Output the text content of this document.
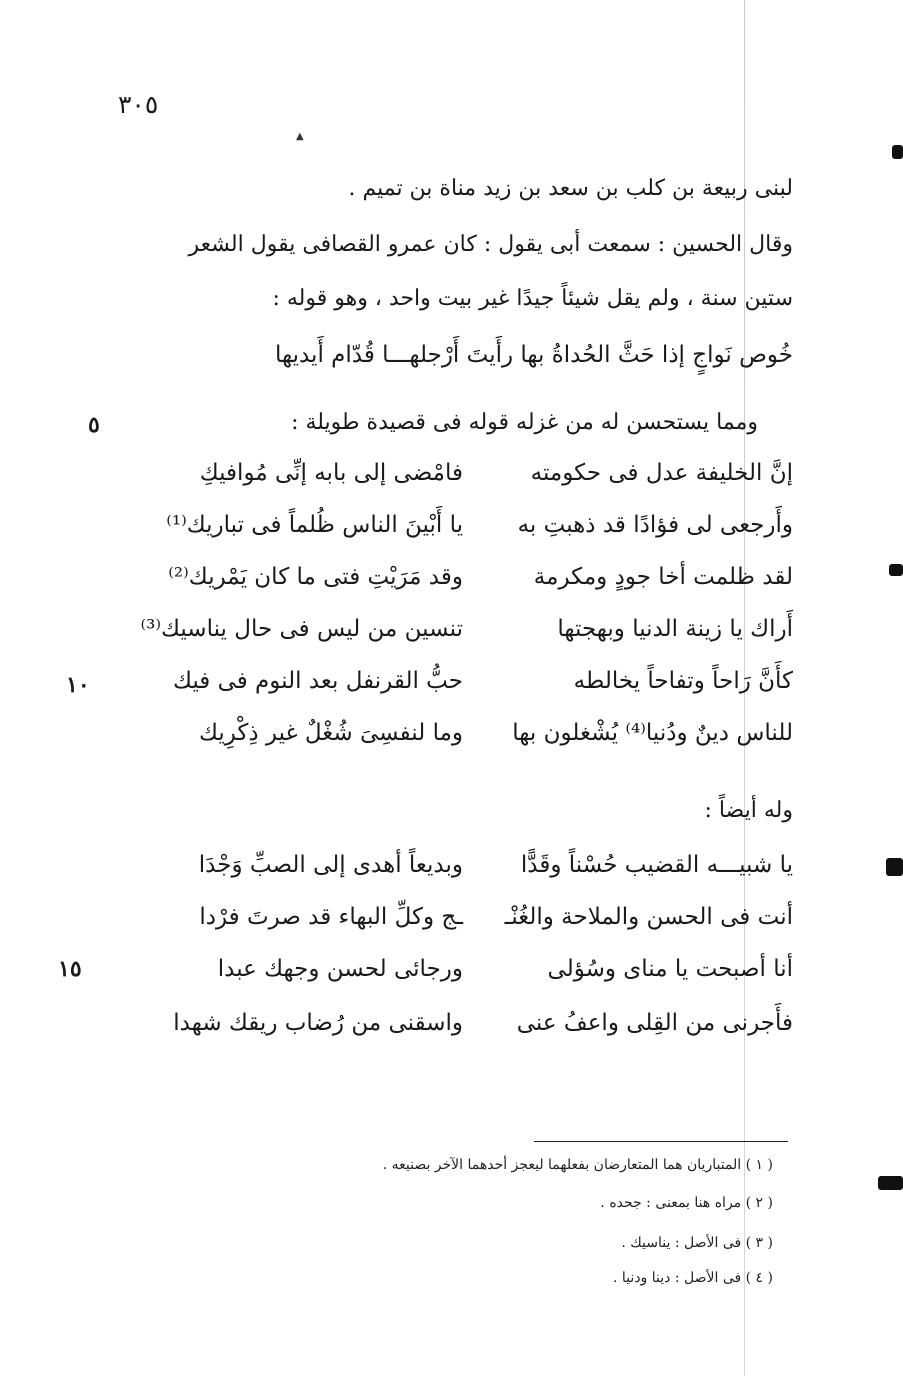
٣٠٥
▲
لبنى ربيعة بن كلب بن سعد بن زيد مناة بن تميم .
وقال الحسين : سمعت أبى يقول : كان عمرو القصافى يقول الشعر
ستين سنة ، ولم يقل شيئاً جيدًا غير بيت واحد ، وهو قوله :
خُوص نَواجٍ إذا حَثَّ الحُداةُ بها رأَيتَ أَرْجلهـــا قُدّام أَيديها
ومما يستحسن له من غزله قوله فى قصيدة طويلة :
٥
إنَّ الخليفة عدل فى حكومته
فامْضى إلى بابه إنِّى مُوافيكِ
وأَرجعى لى فؤادًا قد ذهبتِ به
يا أَبْينَ الناس ظُلماً فى تباريك⁽¹⁾
لقد ظلمت أخا جودٍ ومكرمة
وقد مَرَيْتِ فتى ما كان يَمْريك⁽²⁾
أَراك يا زينة الدنيا وبهجتها
تنسين من ليس فى حال يناسيك⁽³⁾
كأَنَّ رَاحاً وتفاحاً يخالطه
حبُّ القرنفل بعد النوم فى فيك
للناس دينٌ ودُنيا⁽⁴⁾ يُشْغلون بها
وما لنفسِىَ شُغْلٌ غير ذِكْرِيك
١٠
وله أيضاً :
يا شبيـــه القضيب حُسْناً وقَدًّا
وبديعاً أهدى إلى الصبِّ وَجْدَا
أنت فى الحسن والملاحة والغُنْـ
ـج وكلِّ البهاء قد صرتَ فرْدا
أنا أصبحت يا مناى وسُؤلى
ورجائى لحسن وجهك عبدا
فأَجرنى من القِلى واعفُ عنى
واسقنى من رُضاب ريقك شهدا
١٥
( ١ ) المتباريان هما المتعارضان بفعلهما ليعجز أحدهما الآخر بصنيعه .
( ٢ ) مراه هنا بمعنى : جحده .
( ٣ ) فى الأصل : يناسيك .
( ٤ ) فى الأصل : دينا ودنيا .
